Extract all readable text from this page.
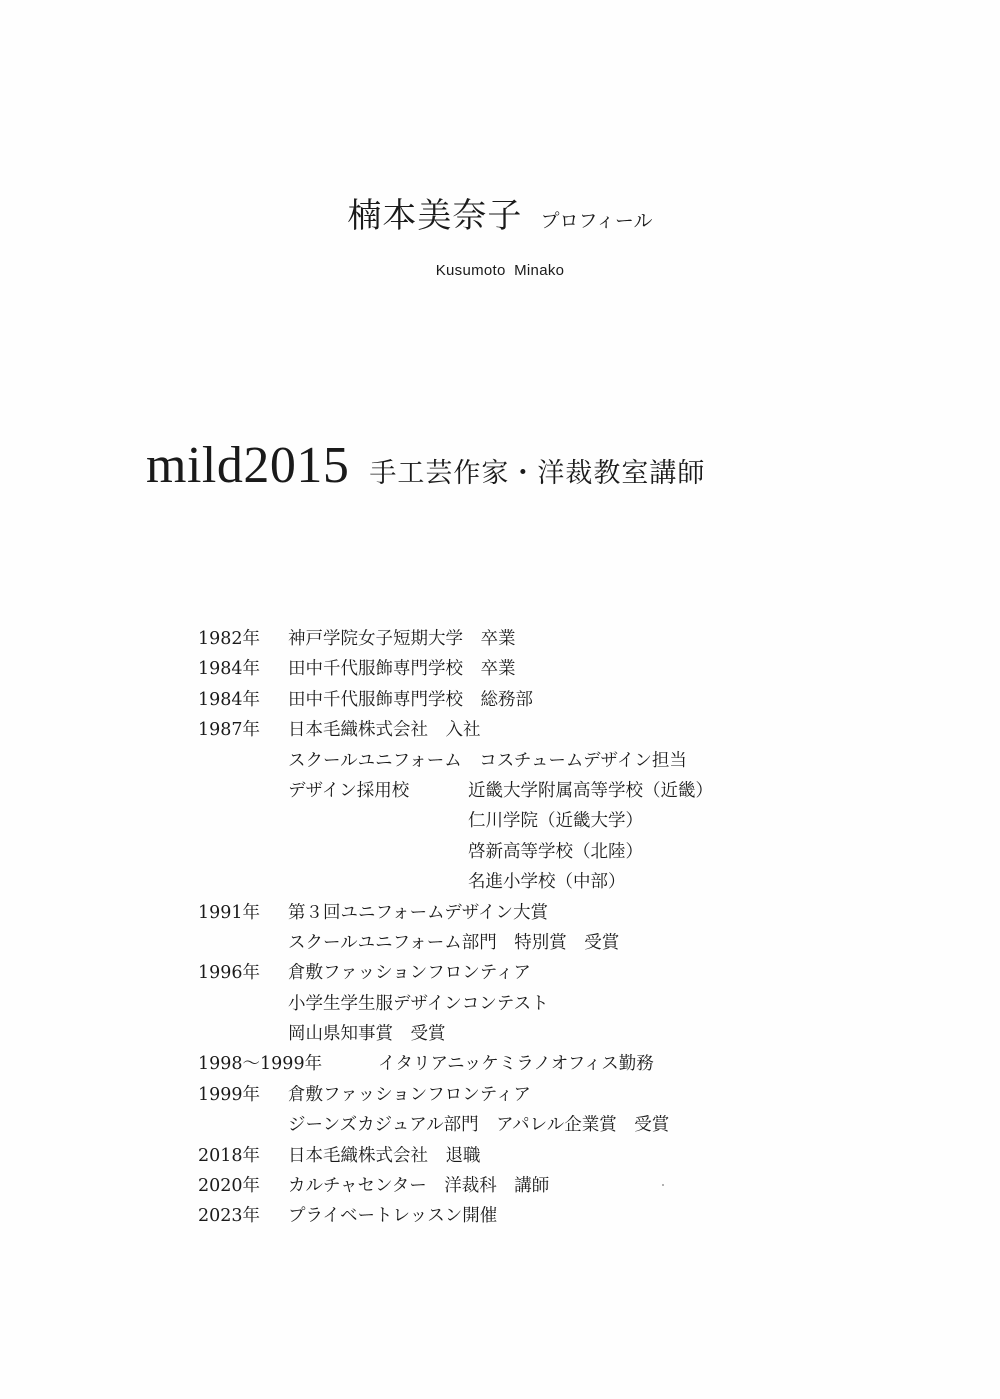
楠本美奈子 プロフィール
Kusumoto Minako
mild2015 手工芸作家・洋裁教室講師
1982年 神戸学院女子短期大学　卒業
1984年 田中千代服飾専門学校　卒業
1984年 田中千代服飾専門学校　総務部
1987年 日本毛織株式会社　入社
スクールユニフォーム　コスチュームデザイン担当
デザイン採用校	近畿大学附属高等学校（近畿）
仁川学院（近畿大学）
啓新高等学校（北陸）
名進小学校（中部）
1991年 第３回ユニフォームデザイン大賞
スクールユニフォーム部門　特別賞　受賞
1996年 倉敷ファッションフロンティア
小学生学生服デザインコンテスト
岡山県知事賞　受賞
1998～1999年	イタリアニッケミラノオフィス勤務
1999年 倉敷ファッションフロンティア
ジーンズカジュアル部門　アパレル企業賞　受賞
2018年 日本毛織株式会社　退職
2020年 カルチャセンター　洋裁科　講師
2023年 プライベートレッスン開催
